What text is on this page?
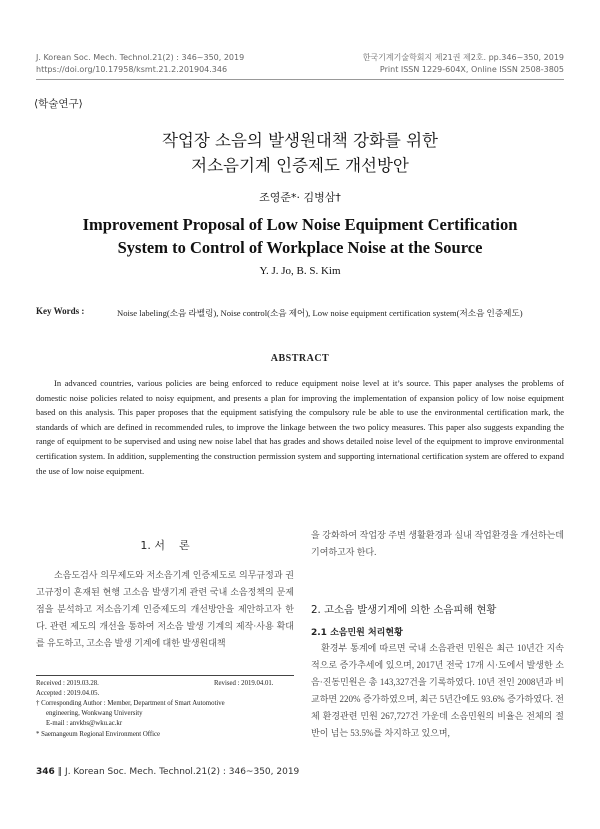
J. Korean Soc. Mech. Technol.21(2) : 346~350, 2019
https://doi.org/10.17958/ksmt.21.2.201904.346
한국기계기술학회지 제21권 제2호. pp.346~350, 2019
Print ISSN 1229-604X, Online ISSN 2508-3805
⟨학술연구⟩
작업장 소음의 발생원대책 강화를 위한
저소음기계 인증제도 개선방안
조영준*· 김병삼†
Improvement Proposal of Low Noise Equipment Certification
System to Control of Workplace Noise at the Source
Y. J. Jo, B. S. Kim
Key Words :	Noise labeling(소음 라벨링), Noise control(소음 제어), Low noise equipment certification system(저소음 인증제도)
ABSTRACT
In advanced countries, various policies are being enforced to reduce equipment noise level at it’s source. This paper analyses the problems of domestic noise policies related to noisy equipment, and presents a plan for improving the implementation of expansion policy of low noise equipment based on this analysis. This paper proposes that the equipment satisfying the compulsory rule be able to use the environmental certification mark, the standards of which are defined in recommended rules, to improve the linkage between the two policy measures. This paper also suggests expanding the range of equipment to be supervised and using new noise label that has grades and shows detailed noise level of the equipment to improve environmental certification system. In addition, supplementing the construction permission system and supporting international certification system are offered to expand the use of low noise equipment.
1. 서    론
소음도검사 의무제도와 저소음기계 인증제도로 의무규정과 권고규정이 혼재된 현행 고소음 발생기계 관련 국내 소음정책의 문제점을 분석하고 저소음기계 인증제도의 개선방안을 제안하고자 한다. 관련 제도의 개선을 통하여 저소음 발생 기계의 제작·사용 확대를 유도하고, 고소음 발생 기계에 대한 발생원대책
Received : 2019.03.28.	Revised : 2019.04.01.
Accepted : 2019.04.05.
† Corresponding Author : Member, Department of Smart Automotive
engineering, Wonkwang University
E-mail : anvkbs@wku.ac.kr
* Saemangeum Regional Environment Office
을 강화하여 작업장 주변 생활환경과 실내 작업환경을 개선하는데 기여하고자 한다.
2. 고소음 발생기계에 의한 소음피해 현황
2.1 소음민원 처리현황
환경부 통계에 따르면 국내 소음관련 민원은 최근 10년간 지속적으로 증가추세에 있으며, 2017년 전국 17개 시·도에서 발생한 소음·진동민원은 총 143,327건을 기록하였다. 10년 전인 2008년과 비교하면 220% 증가하였으며, 최근 5년간에도 93.6% 증가하였다. 전체 환경관련 민원 267,727건 가운데 소음민원의 비율은 전체의 절반이 넘는 53.5%를 차지하고 있으며,
346 ‖ J. Korean Soc. Mech. Technol.21(2) : 346~350, 2019
